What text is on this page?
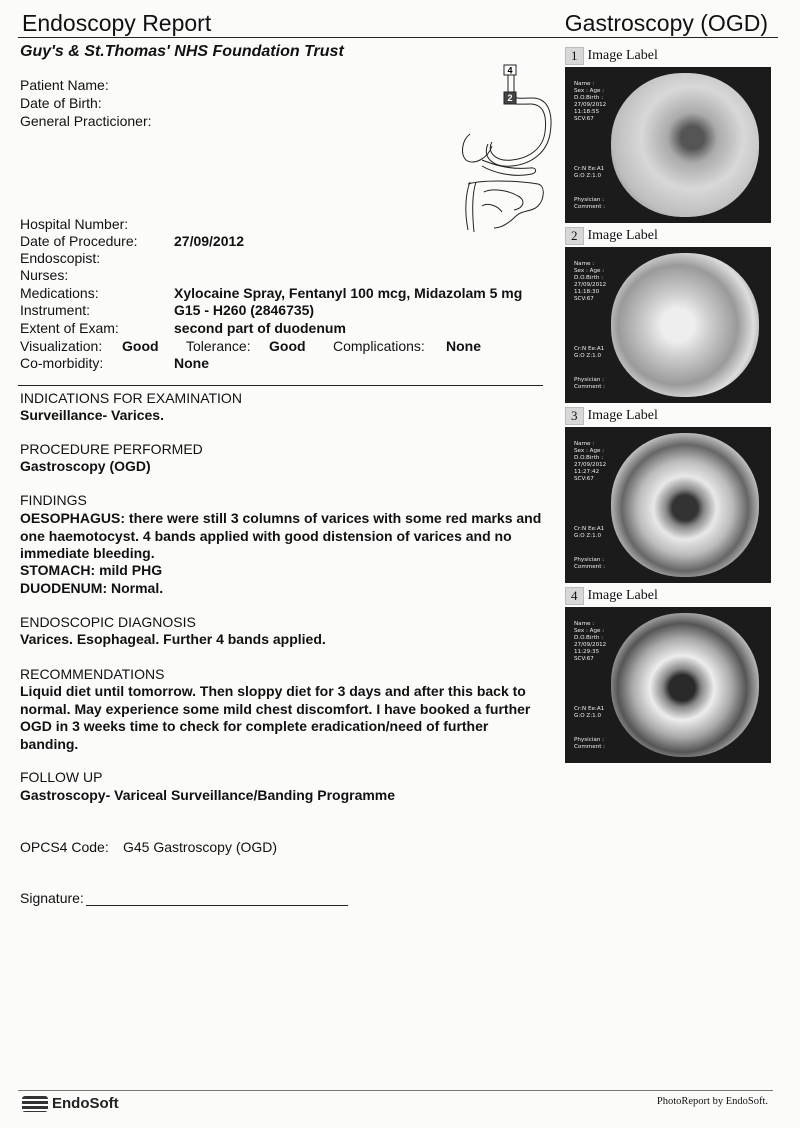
Endoscopy Report	Gastroscopy (OGD)
Guy's & St.Thomas' NHS Foundation Trust
Patient Name:
Date of Birth:
General Practicioner:
Hospital Number:
Date of Procedure:	27/09/2012
Endoscopist:
Nurses:
Medications:	Xylocaine Spray, Fentanyl 100 mcg, Midazolam 5 mg
Instrument:	G15 - H260 (2846735)
Extent of Exam:	second part of duodenum
Visualization: Good Tolerance: Good Complications: None
Co-morbidity:	None
INDICATIONS FOR EXAMINATION
Surveillance- Varices.
PROCEDURE PERFORMED
Gastroscopy (OGD)
FINDINGS
OESOPHAGUS: there were still 3 columns of varices with some red marks and one haemotocyst. 4 bands applied with good distension of varices and no immediate bleeding.
STOMACH: mild PHG
DUODENUM: Normal.
ENDOSCOPIC DIAGNOSIS
Varices. Esophageal. Further 4 bands applied.
RECOMMENDATIONS
Liquid diet until tomorrow. Then sloppy diet for 3 days and after this back to normal. May experience some mild chest discomfort. I have booked a further OGD in 3 weeks time to check for complete eradication/need of further banding.
FOLLOW UP
Gastroscopy- Variceal Surveillance/Banding Programme
OPCS4 Code: G45 Gastroscopy (OGD)
Signature:
4
2
1 Image Label
Name :
Sex : Age :
D.O.Birth :
27/09/2012
11:18:55
SCV:67
Cr:N Ee:A1
G:O Z:1.0
Physician :
Comment :
2 Image Label
Name :
Sex : Age :
D.O.Birth :
27/09/2012
11:18:30
SCV:67
Cr:N Ee:A1
G:O Z:1.0
Physician :
Comment :
3 Image Label
Name :
Sex : Age :
D.O.Birth :
27/09/2012
11:27:42
SCV:67
Cr:N Ee:A1
G:O Z:1.0
Physician :
Comment :
4 Image Label
Name :
Sex : Age :
D.O.Birth :
27/09/2012
11:29:35
SCV:67
Cr:N Ee:A1
G:O Z:1.0
Physician :
Comment :
EndoSoft	PhotoReport by EndoSoft.
